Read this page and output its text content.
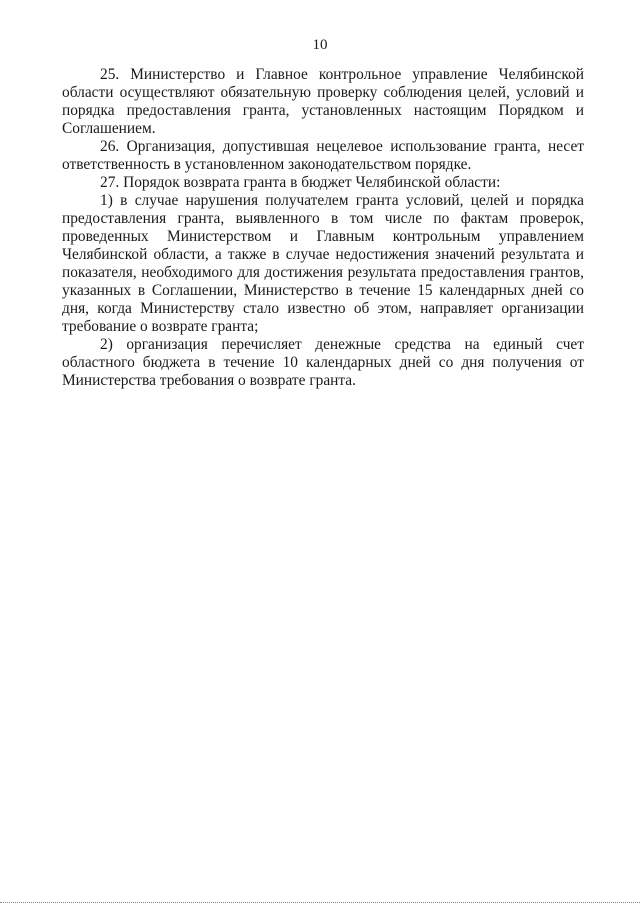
10

25. Министерство и Главное контрольное управление Челябинской области осуществляют обязательную проверку соблюдения целей, условий и порядка предоставления гранта, установленных настоящим Порядком и Соглашением.

26. Организация, допустившая нецелевое использование гранта, несет ответственность в установленном законодательством порядке.

27. Порядок возврата гранта в бюджет Челябинской области:

1) в случае нарушения получателем гранта условий, целей и порядка предоставления гранта, выявленного в том числе по фактам проверок, проведенных Министерством и Главным контрольным управлением Челябинской области, а также в случае недостижения значений результата и показателя, необходимого для достижения результата предоставления грантов, указанных в Соглашении, Министерство в течение 15 календарных дней со дня, когда Министерству стало известно об этом, направляет организации требование о возврате гранта;

2) организация перечисляет денежные средства на единый счет областного бюджета в течение 10 календарных дней со дня получения от Министерства требования о возврате гранта.
